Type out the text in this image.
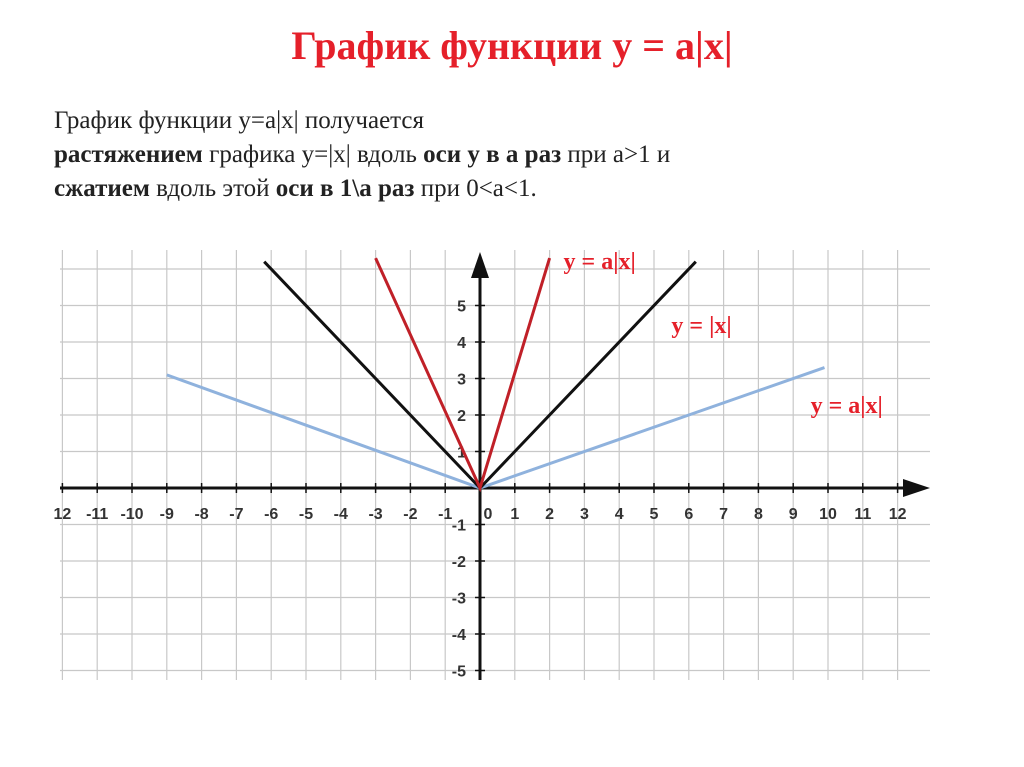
График функции y = a|x|

График функции y=a|x| получается
растяжением графика y=|x| вдоль оси y в а раз при a>1 и
сжатием вдоль этой оси в 1\а раз при 0<a<1.

12 -11 -10 -9 -8 -7 -6 -5 -4 -3 -2 -1 0 1 2 3 4 5 6 7 8 9 10 11 12
-5
-4
-3
-2
-1
1
2
3
4
5
y = a|x|
y = |x|
y = a|x|
